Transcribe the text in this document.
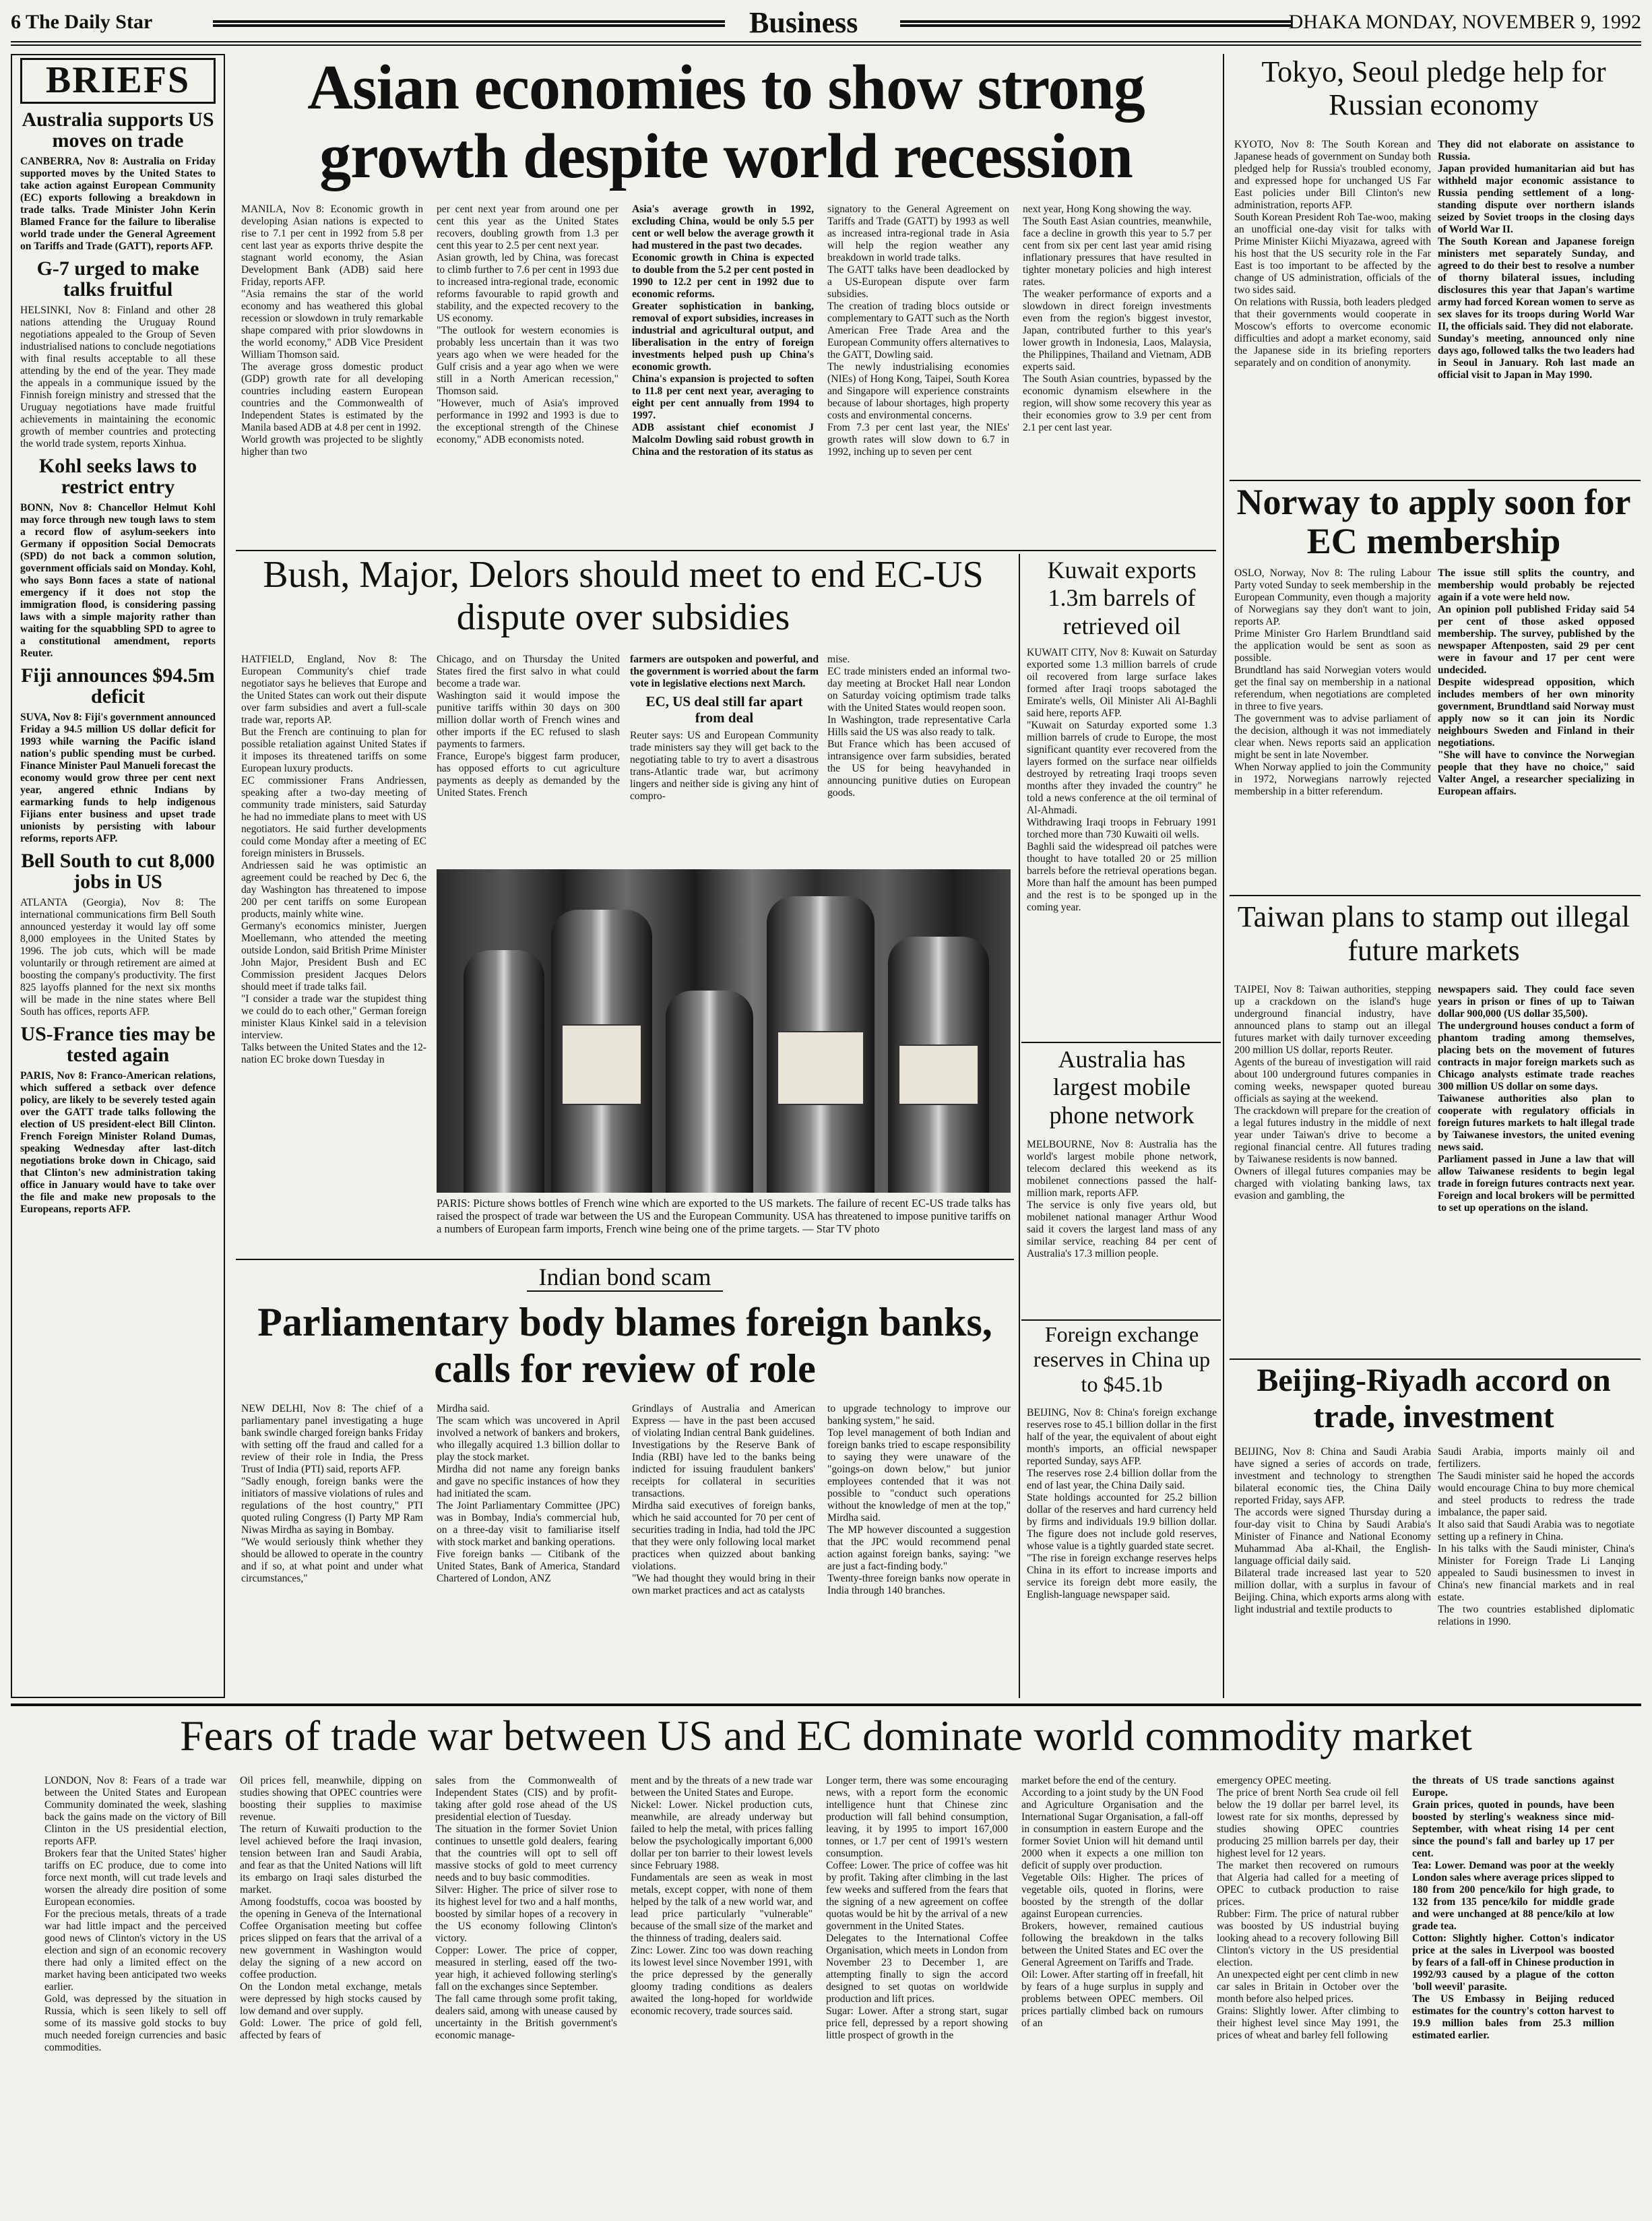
6 The Daily Star	Business	DHAKA MONDAY, NOVEMBER 9, 1992
BRIEFS
Australia supports US moves on trade
CANBERRA, Nov 8: Australia on Friday supported moves by the United States to take action against European Community (EC) exports following a breakdown in trade talks. Trade Minister John Kerin Blamed France for the failure to liberalise world trade under the General Agreement on Tariffs and Trade (GATT), reports AFP.
G-7 urged to make talks fruitful
HELSINKI, Nov 8: Finland and other 28 nations attending the Uruguay Round negotiations appealed to the Group of Seven industrialised nations to conclude negotiations with final results acceptable to all these attending by the end of the year. They made the appeals in a communique issued by the Finnish foreign ministry and stressed that the Uruguay negotiations have made fruitful achievements in maintaining the economic growth of member countries and protecting the world trade system, reports Xinhua.
Kohl seeks laws to restrict entry
BONN, Nov 8: Chancellor Helmut Kohl may force through new tough laws to stem a record flow of asylum-seekers into Germany if opposition Social Democrats (SPD) do not back a common solution, government officials said on Monday. Kohl, who says Bonn faces a state of national emergency if it does not stop the immigration flood, is considering passing laws with a simple majority rather than waiting for the squabbling SPD to agree to a constitutional amendment, reports Reuter.
Fiji announces $94.5m deficit
SUVA, Nov 8: Fiji's government announced Friday a 94.5 million US dollar deficit for 1993 while warning the Pacific island nation's public spending must be curbed. Finance Minister Paul Manueli forecast the economy would grow three per cent next year, angered ethnic Indians by earmarking funds to help indigenous Fijians enter business and upset trade unionists by persisting with labour reforms, reports AFP.
Bell South to cut 8,000 jobs in US
ATLANTA (Georgia), Nov 8: The international communications firm Bell South announced yesterday it would lay off some 8,000 employees in the United States by 1996. The job cuts, which will be made voluntarily or through retirement are aimed at boosting the company's productivity. The first 825 layoffs planned for the next six months will be made in the nine states where Bell South has offices, reports AFP.
US-France ties may be tested again
PARIS, Nov 8: Franco-American relations, which suffered a setback over defence policy, are likely to be severely tested again over the GATT trade talks following the election of US president-elect Bill Clinton. French Foreign Minister Roland Dumas, speaking Wednesday after last-ditch negotiations broke down in Chicago, said that Clinton's new administration taking office in January would have to take over the file and make new proposals to the Europeans, reports AFP.
Asian economies to show strong growth despite world recession
MANILA, Nov 8: Economic growth in developing Asian nations is expected to rise to 7.1 per cent in 1992 from 5.8 per cent last year as exports thrive despite the stagnant world economy, the Asian Development Bank (ADB) said here Friday, reports AFP.
"Asia remains the star of the world economy and has weathered this global recession or slowdown in truly remarkable shape compared with prior slowdowns in the world economy," ADB Vice President William Thomson said.
The average gross domestic product (GDP) growth rate for all developing countries including eastern European countries and the Commonwealth of Independent States is estimated by the Manila based ADB at 4.8 per cent in 1992.
World growth was projected to be slightly higher than two
per cent next year from around one per cent this year as the United States recovers, doubling growth from 1.3 per cent this year to 2.5 per cent next year.
Asian growth, led by China, was forecast to climb further to 7.6 per cent in 1993 due to increased intra-regional trade, economic reforms favourable to rapid growth and stability, and the expected recovery to the US economy.
"The outlook for western economies is probably less uncertain than it was two years ago when we were headed for the Gulf crisis and a year ago when we were still in a North American recession," Thomson said.
"However, much of Asia's improved performance in 1992 and 1993 is due to the exceptional strength of the Chinese economy," ADB economists noted.
Asia's average growth in 1992, excluding China, would be only 5.5 per cent or well below the average growth it had mustered in the past two decades.
Economic growth in China is expected to double from the 5.2 per cent posted in 1990 to 12.2 per cent in 1992 due to economic reforms.
Greater sophistication in banking, removal of export subsidies, increases in industrial and agricultural output, and liberalisation in the entry of foreign investments helped push up China's economic growth.
China's expansion is projected to soften to 11.8 per cent next year, averaging to eight per cent annually from 1994 to 1997.
ADB assistant chief economist J Malcolm Dowling said robust growth in China and the restoration of its status as
signatory to the General Agreement on Tariffs and Trade (GATT) by 1993 as well as increased intra-regional trade in Asia will help the region weather any breakdown in world trade talks.
The GATT talks have been deadlocked by a US-European dispute over farm subsidies.
The creation of trading blocs outside or complementary to GATT such as the North American Free Trade Area and the European Community offers alternatives to the GATT, Dowling said.
The newly industrialising economies (NIEs) of Hong Kong, Taipei, South Korea and Singapore will experience constraints because of labour shortages, high property costs and environmental concerns.
From 7.3 per cent last year, the NIEs' growth rates will slow down to 6.7 in 1992, inching up to seven per cent
next year, Hong Kong showing the way.
The South East Asian countries, meanwhile, face a decline in growth this year to 5.7 per cent from six per cent last year amid rising inflationary pressures that have resulted in tighter monetary policies and high interest rates.
The weaker performance of exports and a slowdown in direct foreign investments even from the region's biggest investor, Japan, contributed further to this year's lower growth in Indonesia, Laos, Malaysia, the Philippines, Thailand and Vietnam, ADB experts said.
The South Asian countries, bypassed by the economic dynamism elsewhere in the region, will show some recovery this year as their economies grow to 3.9 per cent from 2.1 per cent last year.
Tokyo, Seoul pledge help for Russian economy
KYOTO, Nov 8: The South Korean and Japanese heads of government on Sunday both pledged help for Russia's troubled economy, and expressed hope for unchanged US Far East policies under Bill Clinton's new administration, reports AFP.
South Korean President Roh Tae-woo, making an unofficial one-day visit for talks with Prime Minister Kiichi Miyazawa, agreed with his host that the US security role in the Far East is too important to be affected by the change of US administration, officials of the two sides said.
On relations with Russia, both leaders pledged that their governments would cooperate in Moscow's efforts to overcome economic difficulties and adopt a market economy, said the Japanese side in its briefing reporters separately and on condition of anonymity.
They did not elaborate on assistance to Russia.
Japan provided humanitarian aid but has withheld major economic assistance to Russia pending settlement of a long-standing dispute over northern islands seized by Soviet troops in the closing days of World War II.
The South Korean and Japanese foreign ministers met separately Sunday, and agreed to do their best to resolve a number of thorny bilateral issues, including disclosures this year that Japan's wartime army had forced Korean women to serve as sex slaves for its troops during World War II, the officials said. They did not elaborate.
Sunday's meeting, announced only nine days ago, followed talks the two leaders had in Seoul in January. Roh last made an official visit to Japan in May 1990.
Norway to apply soon for EC membership
OSLO, Norway, Nov 8: The ruling Labour Party voted Sunday to seek membership in the European Community, even though a majority of Norwegians say they don't want to join, reports AP.
Prime Minister Gro Harlem Brundtland said the application would be sent as soon as possible.
Brundtland has said Norwegian voters would get the final say on membership in a national referendum, when negotiations are completed in three to five years.
The government was to advise parliament of the decision, although it was not immediately clear when. News reports said an application might be sent in late November.
When Norway applied to join the Community in 1972, Norwegians narrowly rejected membership in a bitter referendum.
The issue still splits the country, and membership would probably be rejected again if a vote were held now.
An opinion poll published Friday said 54 per cent of those asked opposed membership. The survey, published by the newspaper Aftenposten, said 29 per cent were in favour and 17 per cent were undecided.
Despite widespread opposition, which includes members of her own minority government, Brundtland said Norway must apply now so it can join its Nordic neighbours Sweden and Finland in their negotiations.
"She will have to convince the Norwegian people that they have no choice," said Valter Angel, a researcher specializing in European affairs.
Taiwan plans to stamp out illegal future markets
TAIPEI, Nov 8: Taiwan authorities, stepping up a crackdown on the island's huge underground financial industry, have announced plans to stamp out an illegal futures market with daily turnover exceeding 200 million US dollar, reports Reuter.
Agents of the bureau of investigation will raid about 100 underground futures companies in coming weeks, newspaper quoted bureau officials as saying at the weekend.
The crackdown will prepare for the creation of a legal futures industry in the middle of next year under Taiwan's drive to become a regional financial centre. All futures trading by Taiwanese residents is now banned.
Owners of illegal futures companies may be charged with violating banking laws, tax evasion and gambling, the
newspapers said. They could face seven years in prison or fines of up to Taiwan dollar 900,000 (US dollar 35,500).
The underground houses conduct a form of phantom trading among themselves, placing bets on the movement of futures contracts in major foreign markets such as Chicago analysts estimate trade reaches 300 million US dollar on some days.
Taiwanese authorities also plan to cooperate with regulatory officials in foreign futures markets to halt illegal trade by Taiwanese investors, the united evening news said.
Parliament passed in June a law that will allow Taiwanese residents to begin legal trade in foreign futures contracts next year. Foreign and local brokers will be permitted to set up operations on the island.
Beijing-Riyadh accord on trade, investment
BEIJING, Nov 8: China and Saudi Arabia have signed a series of accords on trade, investment and technology to strengthen bilateral economic ties, the China Daily reported Friday, says AFP.
The accords were signed Thursday during a four-day visit to China by Saudi Arabia's Minister of Finance and National Economy Muhammad Aba al-Khail, the English-language official daily said.
Bilateral trade increased last year to 520 million dollar, with a surplus in favour of Beijing. China, which exports arms along with light industrial and textile products to
Saudi Arabia, imports mainly oil and fertilizers.
The Saudi minister said he hoped the accords would encourage China to buy more chemical and steel products to redress the trade imbalance, the paper said.
It also said that Saudi Arabia was to negotiate setting up a refinery in China.
In his talks with the Saudi minister, China's Minister for Foreign Trade Li Lanqing appealed to Saudi businessmen to invest in China's new financial markets and in real estate.
The two countries established diplomatic relations in 1990.
Bush, Major, Delors should meet to end EC-US dispute over subsidies
HATFIELD, England, Nov 8: The European Community's chief trade negotiator says he believes that Europe and the United States can work out their dispute over farm subsidies and avert a full-scale trade war, reports AP.
But the French are continuing to plan for possible retaliation against United States if it imposes its threatened tariffs on some European luxury products.
EC commissioner Frans Andriessen, speaking after a two-day meeting of community trade ministers, said Saturday he had no immediate plans to meet with US negotiators. He said further developments could come Monday after a meeting of EC foreign ministers in Brussels.
Andriessen said he was optimistic an agreement could be reached by Dec 6, the day Washington has threatened to impose 200 per cent tariffs on some European products, mainly white wine.
Germany's economics minister, Juergen Moellemann, who attended the meeting outside London, said British Prime Minister John Major, President Bush and EC Commission president Jacques Delors should meet if trade talks fail.
"I consider a trade war the stupidest thing we could do to each other," German foreign minister Klaus Kinkel said in a television interview.
Talks between the United States and the 12-nation EC broke down Tuesday in
Chicago, and on Thursday the United States fired the first salvo in what could become a trade war.
Washington said it would impose the punitive tariffs within 30 days on 300 million dollar worth of French wines and other imports if the EC refused to slash payments to farmers.
France, Europe's biggest farm producer, has opposed efforts to cut agriculture payments as deeply as demanded by the United States. French
farmers are outspoken and powerful, and the government is worried about the farm vote in legislative elections next March.
EC, US deal still far apart from deal
Reuter says: US and European Community trade ministers say they will get back to the negotiating table to try to avert a disastrous trans-Atlantic trade war, but acrimony lingers and neither side is giving any hint of compro-
mise.
EC trade ministers ended an informal two-day meeting at Brocket Hall near London on Saturday voicing optimism trade talks with the United States would reopen soon.
In Washington, trade representative Carla Hills said the US was also ready to talk.
But France which has been accused of intransigence over farm subsidies, berated the US for being heavyhanded in announcing punitive duties on European goods.
PARIS: Picture shows bottles of French wine which are exported to the US markets. The failure of recent EC-US trade talks has raised the prospect of trade war between the US and the European Community. USA has threatened to impose punitive tariffs on a numbers of European farm imports, French wine being one of the prime targets. — Star TV photo
Kuwait exports 1.3m barrels of retrieved oil
KUWAIT CITY, Nov 8: Kuwait on Saturday exported some 1.3 million barrels of crude oil recovered from large surface lakes formed after Iraqi troops sabotaged the Emirate's wells, Oil Minister Ali Al-Baghli said here, reports AFP.
"Kuwait on Saturday exported some 1.3 million barrels of crude to Europe, the most significant quantity ever recovered from the layers formed on the surface near oilfields destroyed by retreating Iraqi troops seven months after they invaded the country" he told a news conference at the oil terminal of Al-Ahmadi.
Withdrawing Iraqi troops in February 1991 torched more than 730 Kuwaiti oil wells.
Baghli said the widespread oil patches were thought to have totalled 20 or 25 million barrels before the retrieval operations began. More than half the amount has been pumped and the rest is to be sponged up in the coming year.
Australia has largest mobile phone network
MELBOURNE, Nov 8: Australia has the world's largest mobile phone network, telecom declared this weekend as its mobilenet connections passed the half-million mark, reports AFP.
The service is only five years old, but mobilenet national manager Arthur Wood said it covers the largest land mass of any similar service, reaching 84 per cent of Australia's 17.3 million people.
Foreign exchange reserves in China up to $45.1b
BEIJING, Nov 8: China's foreign exchange reserves rose to 45.1 billion dollar in the first half of the year, the equivalent of about eight month's imports, an official newspaper reported Sunday, says AFP.
The reserves rose 2.4 billion dollar from the end of last year, the China Daily said.
State holdings accounted for 25.2 billion dollar of the reserves and hard currency held by firms and individuals 19.9 billion dollar. The figure does not include gold reserves, whose value is a tightly guarded state secret.
"The rise in foreign exchange reserves helps China in its effort to increase imports and service its foreign debt more easily, the English-language newspaper said.
Indian bond scam
Parliamentary body blames foreign banks, calls for review of role
NEW DELHI, Nov 8: The chief of a parliamentary panel investigating a huge bank swindle charged foreign banks Friday with setting off the fraud and called for a review of their role in India, the Press Trust of India (PTI) said, reports AFP.
"Sadly enough, foreign banks were the initiators of massive violations of rules and regulations of the host country," PTI quoted ruling Congress (I) Party MP Ram Niwas Mirdha as saying in Bombay.
"We would seriously think whether they should be allowed to operate in the country and if so, at what point and under what circumstances,"
Mirdha said.
The scam which was uncovered in April involved a network of bankers and brokers, who illegally acquired 1.3 billion dollar to play the stock market.
Mirdha did not name any foreign banks and gave no specific instances of how they had initiated the scam.
The Joint Parliamentary Committee (JPC) was in Bombay, India's commercial hub, on a three-day visit to familiarise itself with stock market and banking operations.
Five foreign banks — Citibank of the United States, Bank of America, Standard Chartered of London, ANZ
Grindlays of Australia and American Express — have in the past been accused of violating Indian central Bank guidelines.
Investigations by the Reserve Bank of India (RBI) have led to the banks being indicted for issuing fraudulent bankers' receipts for collateral in securities transactions.
Mirdha said executives of foreign banks, which he said accounted for 70 per cent of securities trading in India, had told the JPC that they were only following local market practices when quizzed about banking violations.
"We had thought they would bring in their own market practices and act as catalysts
to upgrade technology to improve our banking system," he said.
Top level management of both Indian and foreign banks tried to escape responsibility to saying they were unaware of the "goings-on down below," but junior employees contended that it was not possible to "conduct such operations without the knowledge of men at the top," Mirdha said.
The MP however discounted a suggestion that the JPC would recommend penal action against foreign banks, saying: "we are just a fact-finding body."
Twenty-three foreign banks now operate in India through 140 branches.
Fears of trade war between US and EC dominate world commodity market
LONDON, Nov 8: Fears of a trade war between the United States and European Community dominated the week, slashing back the gains made on the victory of Bill Clinton in the US presidential election, reports AFP.
Brokers fear that the United States' higher tariffs on EC produce, due to come into force next month, will cut trade levels and worsen the already dire position of some European economies.
For the precious metals, threats of a trade war had little impact and the perceived good news of Clinton's victory in the US election and sign of an economic recovery there had only a limited effect on the market having been anticipated two weeks earlier.
Gold, was depressed by the situation in Russia, which is seen likely to sell off some of its massive gold stocks to buy much needed foreign currencies and basic commodities.
Oil prices fell, meanwhile, dipping on studies showing that OPEC countries were boosting their supplies to maximise revenue.
The return of Kuwaiti production to the level achieved before the Iraqi invasion, tension between Iran and Saudi Arabia, and fear as that the United Nations will lift its embargo on Iraqi sales disturbed the market.
Among foodstuffs, cocoa was boosted by the opening in Geneva of the International Coffee Organisation meeting but coffee prices slipped on fears that the arrival of a new government in Washington would delay the signing of a new accord on coffee production.
On the London metal exchange, metals were depressed by high stocks caused by low demand and over supply.
Gold: Lower. The price of gold fell, affected by fears of
sales from the Commonwealth of Independent States (CIS) and by profit-taking after gold rose ahead of the US presidential election of Tuesday.
The situation in the former Soviet Union continues to unsettle gold dealers, fearing that the countries will opt to sell off massive stocks of gold to meet currency needs and to buy basic commodities.
Silver: Higher. The price of silver rose to its highest level for two and a half months, boosted by similar hopes of a recovery in the US economy following Clinton's victory.
Copper: Lower. The price of copper, measured in sterling, eased off the two-year high, it achieved following sterling's fall on the exchanges since September.
The fall came through some profit taking, dealers said, among with unease caused by uncertainty in the British government's economic manage-
ment and by the threats of a new trade war between the United States and Europe.
Nickel: Lower. Nickel production cuts, meanwhile, are already underway but failed to help the metal, with prices falling below the psychologically important 6,000 dollar per ton barrier to their lowest levels since February 1988.
Fundamentals are seen as weak in most metals, except copper, with none of them helped by the talk of a new world war, and lead price particularly "vulnerable" because of the small size of the market and the thinness of trading, dealers said.
Zinc: Lower. Zinc too was down reaching its lowest level since November 1991, with the price depressed by the generally gloomy trading conditions as dealers awaited the long-hoped for worldwide economic recovery, trade sources said.
Longer term, there was some encouraging news, with a report form the economic intelligence hunt that Chinese zinc production will fall behind consumption, leaving, it by 1995 to import 167,000 tonnes, or 1.7 per cent of 1991's western consumption.
Coffee: Lower. The price of coffee was hit by profit. Taking after climbing in the last few weeks and suffered from the fears that the signing of a new agreement on coffee quotas would be hit by the arrival of a new government in the United States.
Delegates to the International Coffee Organisation, which meets in London from November 23 to December 1, are attempting finally to sign the accord designed to set quotas on worldwide production and lift prices.
Sugar: Lower. After a strong start, sugar price fell, depressed by a report showing little prospect of growth in the
market before the end of the century.
According to a joint study by the UN Food and Agriculture Organisation and the International Sugar Organisation, a fall-off in consumption in eastern Europe and the former Soviet Union will hit demand until 2000 when it expects a one million ton deficit of supply over production.
Vegetable Oils: Higher. The prices of vegetable oils, quoted in florins, were boosted by the strength of the dollar against European currencies.
Brokers, however, remained cautious following the breakdown in the talks between the United States and EC over the General Agreement on Tariffs and Trade.
Oil: Lower. After starting off in freefall, hit by fears of a huge surplus in supply and problems between OPEC members. Oil prices partially climbed back on rumours of an
emergency OPEC meeting.
The price of brent North Sea crude oil fell below the 19 dollar per barrel level, its lowest rate for six months, depressed by studies showing OPEC countries producing 25 million barrels per day, their highest level for 12 years.
The market then recovered on rumours that Algeria had called for a meeting of OPEC to cutback production to raise prices.
Rubber: Firm. The price of natural rubber was boosted by US industrial buying looking ahead to a recovery following Bill Clinton's victory in the US presidential election.
An unexpected eight per cent climb in new car sales in Britain in October over the month before also helped prices.
Grains: Slightly lower. After climbing to their highest level since May 1991, the prices of wheat and barley fell following
the threats of US trade sanctions against Europe.
Grain prices, quoted in pounds, have been boosted by sterling's weakness since mid-September, with wheat rising 14 per cent since the pound's fall and barley up 17 per cent.
Tea: Lower. Demand was poor at the weekly London sales where average prices slipped to 180 from 200 pence/kilo for high grade, to 132 from 135 pence/kilo for middle grade and were unchanged at 88 pence/kilo at low grade tea.
Cotton: Slightly higher. Cotton's indicator price at the sales in Liverpool was boosted by fears of a fall-off in Chinese production in 1992/93 caused by a plague of the cotton 'boll weevil' parasite.
The US Embassy in Beijing reduced estimates for the country's cotton harvest to 19.9 million bales from 25.3 million estimated earlier.
